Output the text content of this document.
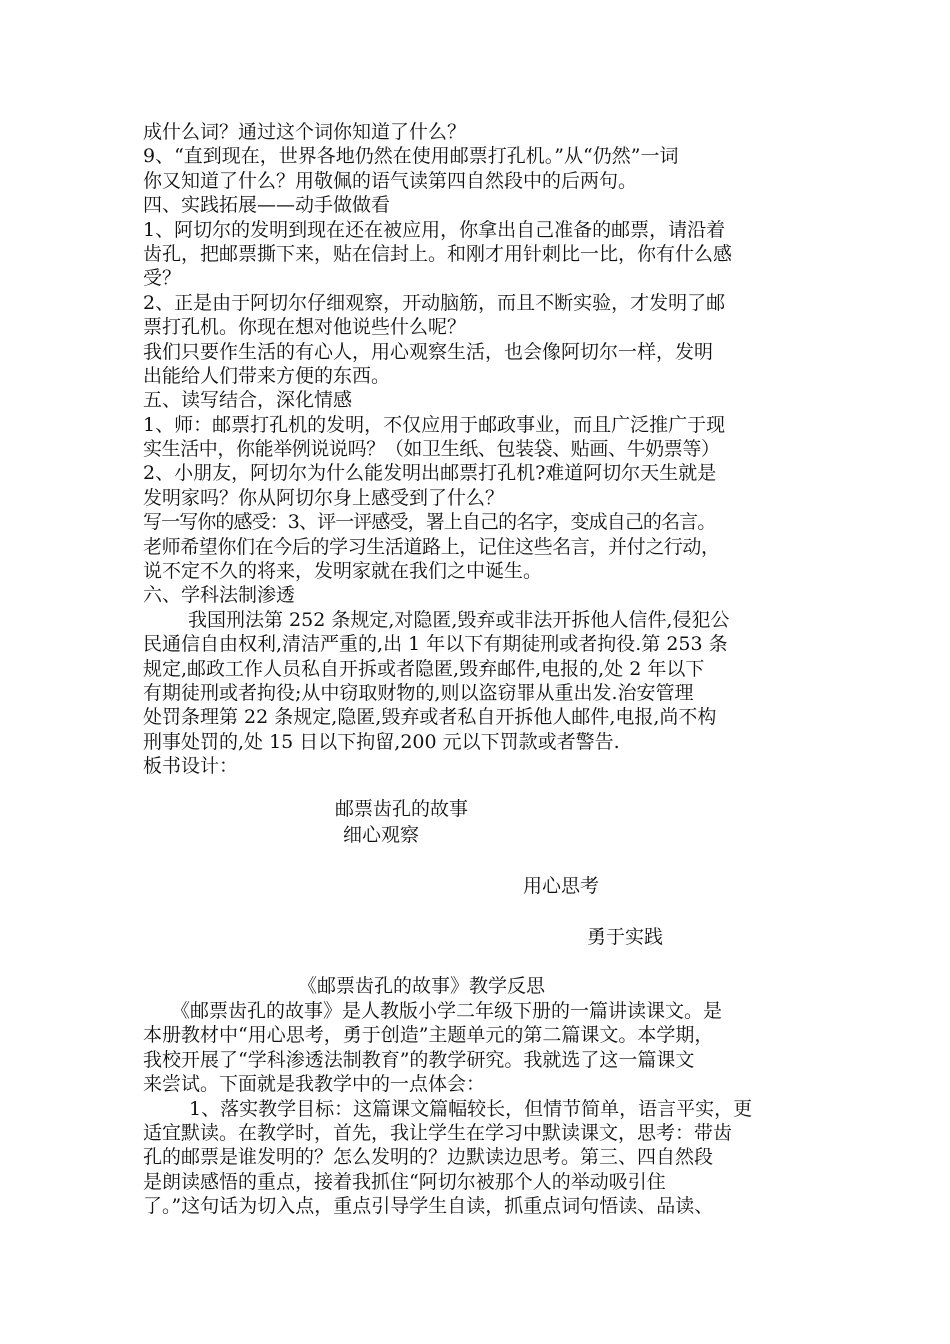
成什么词？通过这个词你知道了什么？
9、“直到现在，世界各地仍然在使用邮票打孔机。”从“仍然”一词
你又知道了什么？用敬佩的语气读第四自然段中的后两句。
四、实践拓展——动手做做看
1、阿切尔的发明到现在还在被应用，你拿出自己准备的邮票，请沿着
齿孔，把邮票撕下来，贴在信封上。和刚才用针刺比一比，你有什么感
受？
2、正是由于阿切尔仔细观察，开动脑筋，而且不断实验，才发明了邮
票打孔机。你现在想对他说些什么呢？
我们只要作生活的有心人，用心观察生活，也会像阿切尔一样，发明
出能给人们带来方便的东西。
五、读写结合，深化情感
1、师：邮票打孔机的发明，不仅应用于邮政事业，而且广泛推广于现
实生活中，你能举例说说吗？（如卫生纸、包装袋、贴画、牛奶票等）
2、小朋友，阿切尔为什么能发明出邮票打孔机?难道阿切尔天生就是
发明家吗？你从阿切尔身上感受到了什么？
写一写你的感受：3、评一评感受，署上自己的名字，变成自己的名言。
老师希望你们在今后的学习生活道路上，记住这些名言，并付之行动，
说不定不久的将来，发明家就在我们之中诞生。
六、学科法制渗透
我国刑法第 252 条规定,对隐匿,毁弃或非法开拆他人信件,侵犯公
民通信自由权利,清洁严重的,出 1 年以下有期徒刑或者拘役.第 253 条
规定,邮政工作人员私自开拆或者隐匿,毁弃邮件,电报的,处 2 年以下
有期徒刑或者拘役;从中窃取财物的,则以盗窃罪从重出发.治安管理
处罚条理第 22 条规定,隐匿,毁弃或者私自开拆他人邮件,电报,尚不构
刑事处罚的,处 15 日以下拘留,200 元以下罚款或者警告.
板书设计：
邮票齿孔的故事
细心观察
用心思考
勇于实践
《邮票齿孔的故事》教学反思
《邮票齿孔的故事》是人教版小学二年级下册的一篇讲读课文。是
本册教材中“用心思考，勇于创造”主题单元的第二篇课文。本学期，
我校开展了“学科渗透法制教育”的教学研究。我就选了这一篇课文
来尝试。下面就是我教学中的一点体会：
1、落实教学目标：这篇课文篇幅较长，但情节简单，语言平实，更
适宜默读。在教学时，首先，我让学生在学习中默读课文，思考：带齿
孔的邮票是谁发明的？怎么发明的？边默读边思考。第三、四自然段
是朗读感悟的重点，接着我抓住“阿切尔被那个人的举动吸引住
了。”这句话为切入点，重点引导学生自读，抓重点词句悟读、品读、
